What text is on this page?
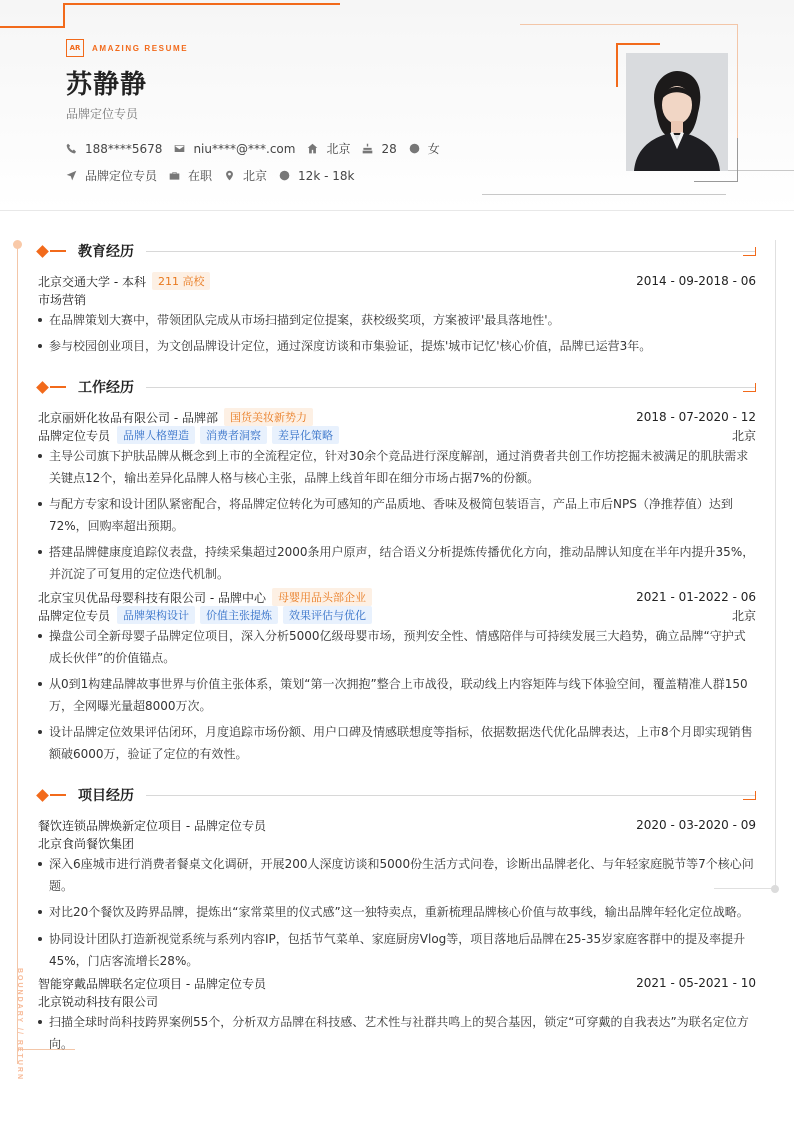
AR	AMAZING RESUME
苏静静
品牌定位专员
188****5678	niu****@***.com	北京	28	女
品牌定位专员	在职	北京	12k - 18k
BOUNDARY // RETURN
教育经历
北京交通大学 - 本科	211 高校	2014 - 09-2018 - 06
市场营销
在品牌策划大赛中，带领团队完成从市场扫描到定位提案，获校级奖项，方案被评'最具落地性'。
参与校园创业项目，为文创品牌设计定位，通过深度访谈和市集验证，提炼'城市记忆'核心价值，品牌已运营3年。
工作经历
北京丽妍化妆品有限公司 - 品牌部	国货美妆新势力	2018 - 07-2020 - 12
品牌定位专员	品牌人格塑造	消费者洞察	差异化策略	北京
主导公司旗下护肤品牌从概念到上市的全流程定位，针对30余个竞品进行深度解剖，通过消费者共创工作坊挖掘未被满足的肌肤需求关键点12个，输出差异化品牌人格与核心主张，品牌上线首年即在细分市场占据7%的份额。
与配方专家和设计团队紧密配合，将品牌定位转化为可感知的产品质地、香味及极简包装语言，产品上市后NPS（净推荐值）达到72%，回购率超出预期。
搭建品牌健康度追踪仪表盘，持续采集超过2000条用户原声，结合语义分析提炼传播优化方向，推动品牌认知度在半年内提升35%，并沉淀了可复用的定位迭代机制。
北京宝贝优品母婴科技有限公司 - 品牌中心	母婴用品头部企业	2021 - 01-2022 - 06
品牌定位专员	品牌架构设计	价值主张提炼	效果评估与优化	北京
操盘公司全新母婴子品牌定位项目，深入分析5000亿级母婴市场，预判安全性、情感陪伴与可持续发展三大趋势，确立品牌“守护式成长伙伴”的价值锚点。
从0到1构建品牌故事世界与价值主张体系，策划“第一次拥抱”整合上市战役，联动线上内容矩阵与线下体验空间，覆盖精准人群150万，全网曝光量超8000万次。
设计品牌定位效果评估闭环，月度追踪市场份额、用户口碑及情感联想度等指标，依据数据迭代优化品牌表达，上市8个月即实现销售额破6000万，验证了定位的有效性。
项目经历
餐饮连锁品牌焕新定位项目 - 品牌定位专员	2020 - 03-2020 - 09
北京食尚餐饮集团
深入6座城市进行消费者餐桌文化调研，开展200人深度访谈和5000份生活方式问卷，诊断出品牌老化、与年轻家庭脱节等7个核心问题。
对比20个餐饮及跨界品牌，提炼出“家常菜里的仪式感”这一独特卖点，重新梳理品牌核心价值与故事线，输出品牌年轻化定位战略。
协同设计团队打造新视觉系统与系列内容IP，包括节气菜单、家庭厨房Vlog等，项目落地后品牌在25-35岁家庭客群中的提及率提升45%，门店客流增长28%。
智能穿戴品牌联名定位项目 - 品牌定位专员	2021 - 05-2021 - 10
北京锐动科技有限公司
扫描全球时尚科技跨界案例55个，分析双方品牌在科技感、艺术性与社群共鸣上的契合基因，锁定“可穿戴的自我表达”为联名定位方向。
